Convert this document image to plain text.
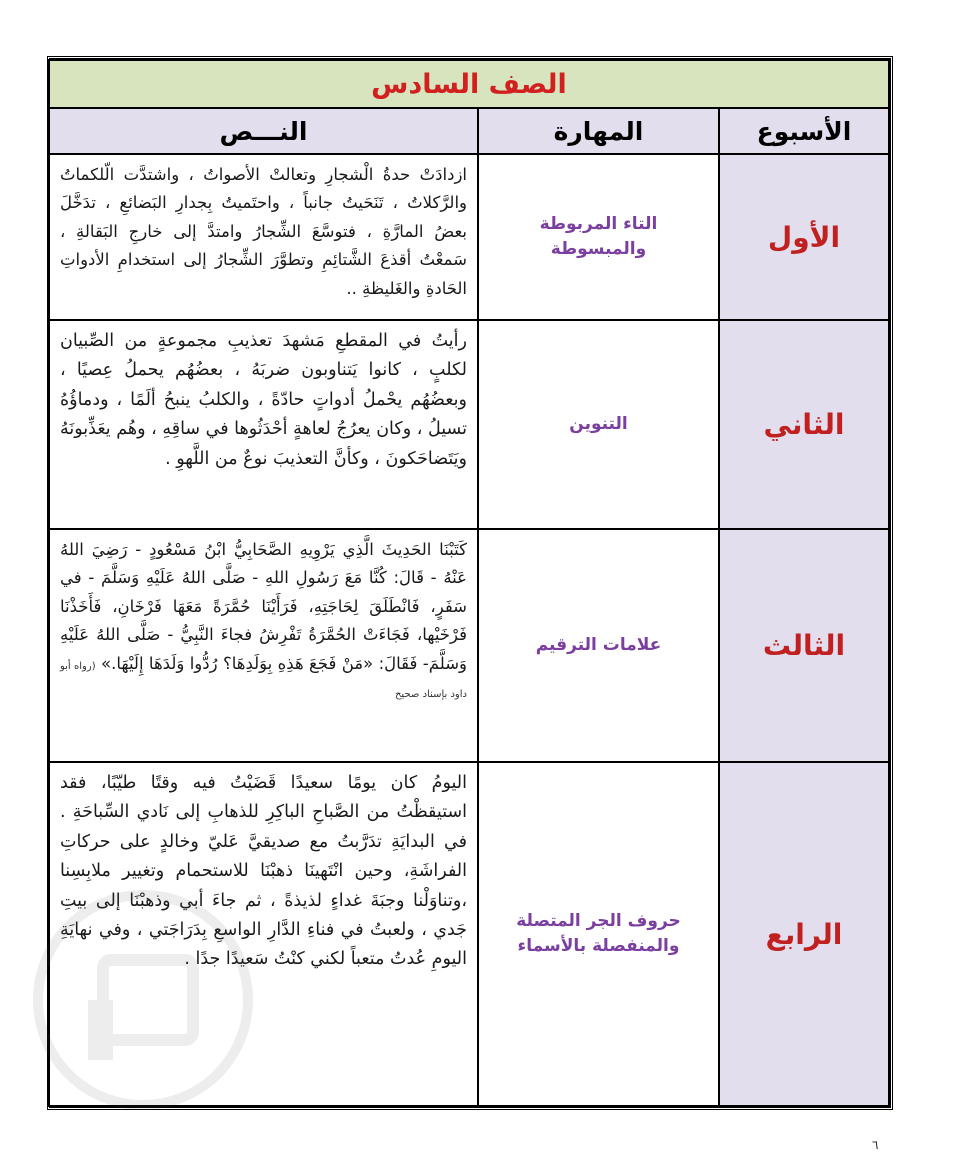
الصف السادس		
الأسبوع	المهارة	النـــص
الأول	التاء المربوطة والمبسوطة	ازدادَتْ حدةُ الْشجارِ وتعالتْ الأصواتُ ، واشتدَّت الّلكماتُ والرَّكلاتُ ، تَنَحَيتُ جانباً ، واحتَميتُ بِجدارِ البَضائعِ ، تدَخَّلَ بعضُ المارَّةِ ، فتوسَّعَ الشِّجارُ وامتدَّ إلى خارجِ البَقالةِ ، سَمعْتُ أقذعَ الشَّتائِمِ وتطوَّرَ الشِّجارُ إلى استخدامِ الأدواتِ الحَادةِ والغَليظةِ ..
الثاني	التنوين	رأيتُ في المقطعِ مَشهدَ تعذيبِ مجموعةٍ من الصِّبيان لكلبٍ ، كانوا يَتناوبون ضربَهُ ، بعضُهُم يحملُ عِصيًا ، وبعضُهُم يحْملُ أدواتٍ حادّةً ، والكلبُ ينبحُ ألَمًا ، ودماؤُهُ تسيلُ ، وكان يعرُجُ لعاهةٍ أحْدَثُوها في ساقِهِ ، وهُم يعَذِّبونَهُ ويَتَضاحَكونَ ، وكأنَّ التعذيبَ نوعٌ من اللَّهوِ .
الثالث	علامات الترقيم	كَتَبْنَا الحَدِيثَ الَّذِي يَرْوِيهِ الصَّحَابِيُّ ابْنُ مَسْعُودٍ - رَضِيَ اللهُ عَنْهُ - قَالَ: كُنَّا مَعَ رَسُولِ اللهِ - صَلَّى اللهُ عَلَيْهِ وَسَلَّمَ - في سَفَرٍ، فَانْطَلَقَ لِحَاجَتِهِ، فَرَأَيْنَا حُمَّرَةً مَعَهَا فَرْخَانِ، فَأَخَذْنَا فَرْخَيْها، فَجَاءَتْ الحُمَّرَةُ تَفْرِشُ فجاءَ النَّبِيُّ - صَلَّى اللهُ عَلَيْهِ وَسَلَّمَ- فَقَالَ: «مَنْ فَجَعَ هَذِهِ بِوَلَدِهَا؟ رُدُّوا وَلَدَهَا إِلَيْهَا.» (رواه أبو داود بإسناد صحيح
الرابع	حروف الجر المتصلة والمنفصلة بالأسماء	اليومُ كان يومًا سعيدًا قَضَيْتُ فيه وقتًا طيّبًا، فقد استيقظْتُ من الصَّباحِ الباكِرِ للذهابِ إلى نَادي السِّباحَةِ . في البدايَةِ تدَرَّبتُ مع صديقيَّ عَليّ وخالدٍ على حركاتِ الفراشَةِ، وحين انْتَهينَا ذهبْنَا للاستحمام وتغيير ملابِسِنا ،وتناوَلْنا وجبَةَ غداءٍ لذيذةً ، ثم جاءَ أبي وذهبْنَا إلى بيتِ جَدي ، ولعبتُ في فناءِ الدَّارِ الواسعِ بِدَرَاجَتي ، وفي نهايَةِ اليومِ عُدتُ متعباً لكني كنْتُ سَعيدًا جدًا .
٦
